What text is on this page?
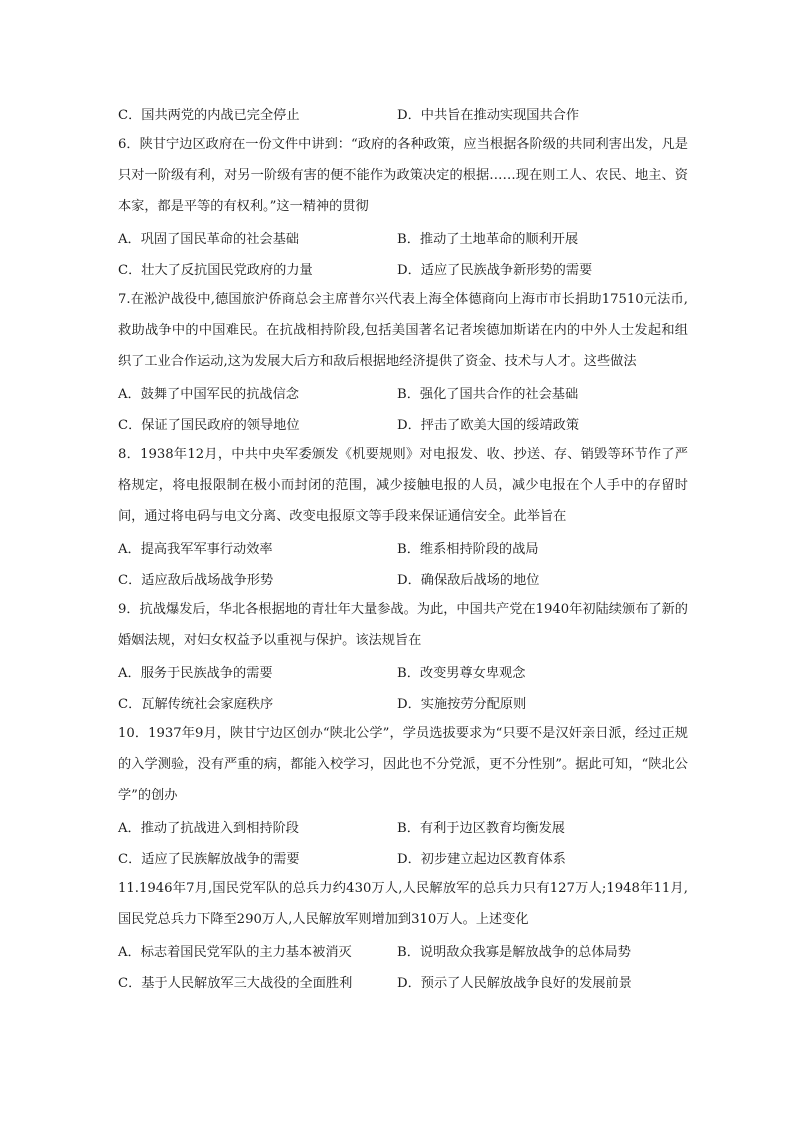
C．国共两党的内战已完全停止	D．中共旨在推动实现国共合作
6．陕甘宁边区政府在一份文件中讲到：“政府的各种政策，应当根据各阶级的共同利害出发，凡是只对一阶级有利，对另一阶级有害的便不能作为政策决定的根据……现在则工人、农民、地主、资本家，都是平等的有权利。”这一精神的贯彻
A．巩固了国民革命的社会基础	B．推动了土地革命的顺利开展
C．壮大了反抗国民党政府的力量	D．适应了民族战争新形势的需要
7.在淞沪战役中,德国旅沪侨商总会主席普尔兴代表上海全体德商向上海市市长捐助17510元法币,救助战争中的中国难民。在抗战相持阶段,包括美国著名记者埃德加斯诺在内的中外人士发起和组织了工业合作运动,这为发展大后方和敌后根据地经济提供了资金、技术与人才。这些做法
A．鼓舞了中国军民的抗战信念	B．强化了国共合作的社会基础
C．保证了国民政府的领导地位	D．抨击了欧美大国的绥靖政策
8．1938年12月，中共中央军委颁发《机要规则》对电报发、收、抄送、存、销毁等环节作了严格规定，将电报限制在极小而封闭的范围，减少接触电报的人员，减少电报在个人手中的存留时间，通过将电码与电文分离、改变电报原文等手段来保证通信安全。此举旨在
A．提高我军军事行动效率	B．维系相持阶段的战局
C．适应敌后战场战争形势	D．确保敌后战场的地位
9．抗战爆发后，华北各根据地的青壮年大量参战。为此，中国共产党在1940年初陆续颁布了新的婚姻法规，对妇女权益予以重视与保护。该法规旨在
A．服务于民族战争的需要	B．改变男尊女卑观念
C．瓦解传统社会家庭秩序	D．实施按劳分配原则
10．1937年9月，陕甘宁边区创办“陕北公学”，学员选拔要求为“只要不是汉奸亲日派，经过正规的入学测验，没有严重的病，都能入校学习，因此也不分党派，更不分性别”。据此可知，“陕北公学”的创办
A．推动了抗战进入到相持阶段	B．有利于边区教育均衡发展
C．适应了民族解放战争的需要	D．初步建立起边区教育体系
11.1946年7月,国民党军队的总兵力约430万人,人民解放军的总兵力只有127万人;1948年11月,国民党总兵力下降至290万人,人民解放军则增加到310万人。上述变化
A．标志着国民党军队的主力基本被消灭	B．说明敌众我寡是解放战争的总体局势
C．基于人民解放军三大战役的全面胜利	D．预示了人民解放战争良好的发展前景
